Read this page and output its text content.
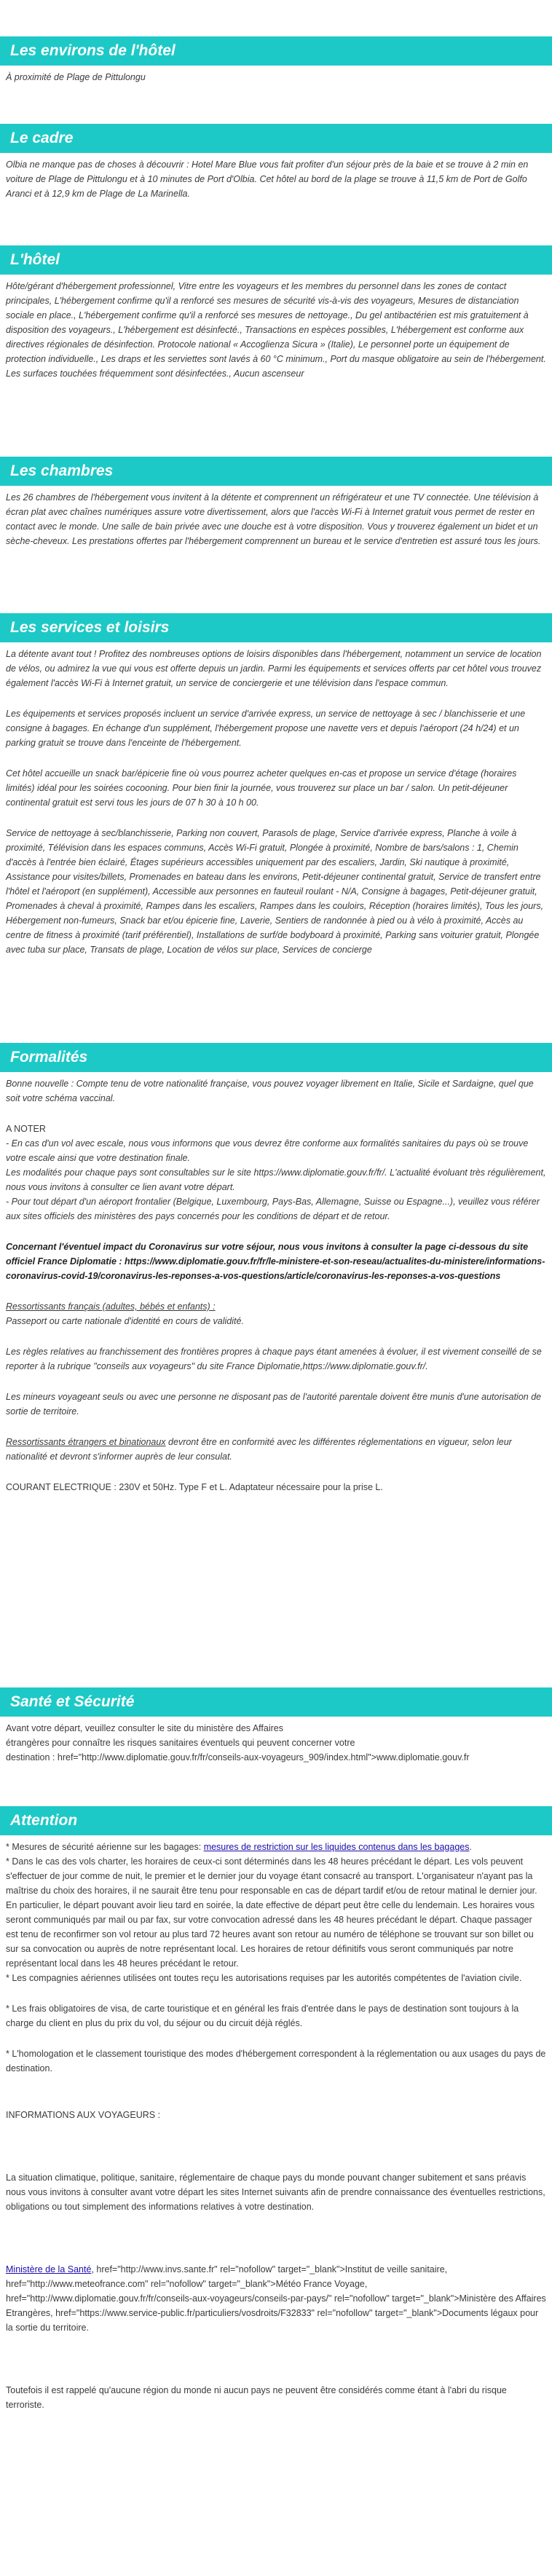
Les environs de l'hôtel

À proximité de Plage de Pittulongu

Le cadre

Olbia ne manque pas de choses à découvrir : Hotel Mare Blue vous fait profiter d'un séjour près de la baie et se trouve à 2 min en voiture de Plage de Pittulongu et à 10 minutes de Port d'Olbia. Cet hôtel au bord de la plage se trouve à 11,5 km de Port de Golfo Aranci et à 12,9 km de Plage de La Marinella.

L'hôtel

Hôte/gérant d'hébergement professionnel, Vitre entre les voyageurs et les membres du personnel dans les zones de contact principales, L'hébergement confirme qu'il a renforcé ses mesures de sécurité vis-à-vis des voyageurs, Mesures de distanciation sociale en place., L'hébergement confirme qu'il a renforcé ses mesures de nettoyage., Du gel antibactérien est mis gratuitement à disposition des voyageurs., L'hébergement est désinfecté., Transactions en espèces possibles, L'hébergement est conforme aux directives régionales de désinfection. Protocole national « Accoglienza Sicura » (Italie), Le personnel porte un équipement de protection individuelle., Les draps et les serviettes sont lavés à 60 °C minimum., Port du masque obligatoire au sein de l'hébergement. Les surfaces touchées fréquemment sont désinfectées., Aucun ascenseur

Les chambres

Les 26 chambres de l'hébergement vous invitent à la détente et comprennent un réfrigérateur et une TV connectée. Une télévision à écran plat avec chaînes numériques assure votre divertissement, alors que l'accès Wi-Fi à Internet gratuit vous permet de rester en contact avec le monde. Une salle de bain privée avec une douche est à votre disposition. Vous y trouverez également un bidet et un sèche-cheveux. Les prestations offertes par l'hébergement comprennent un bureau et le service d'entretien est assuré tous les jours.

Les services et loisirs

La détente avant tout ! Profitez des nombreuses options de loisirs disponibles dans l'hébergement, notamment un service de location de vélos, ou admirez la vue qui vous est offerte depuis un jardin. Parmi les équipements et services offerts par cet hôtel vous trouvez également l'accès Wi-Fi à Internet gratuit, un service de conciergerie et une télévision dans l'espace commun.

Les équipements et services proposés incluent un service d'arrivée express, un service de nettoyage à sec / blanchisserie et une consigne à bagages. En échange d'un supplément, l'hébergement propose une navette vers et depuis l'aéroport (24 h/24) et un parking gratuit se trouve dans l'enceinte de l'hébergement.

Cet hôtel accueille un snack bar/épicerie fine où vous pourrez acheter quelques en-cas et propose un service d'étage (horaires limités) idéal pour les soirées cocooning. Pour bien finir la journée, vous trouverez sur place un bar / salon. Un petit-déjeuner continental gratuit est servi tous les jours de 07 h 30 à 10 h 00.

Service de nettoyage à sec/blanchisserie, Parking non couvert, Parasols de plage, Service d'arrivée express, Planche à voile à proximité, Télévision dans les espaces communs, Accès Wi-Fi gratuit, Plongée à proximité, Nombre de bars/salons : 1, Chemin d'accès à l'entrée bien éclairé, Étages supérieurs accessibles uniquement par des escaliers, Jardin, Ski nautique à proximité, Assistance pour visites/billets, Promenades en bateau dans les environs, Petit-déjeuner continental gratuit, Service de transfert entre l'hôtel et l'aéroport (en supplément), Accessible aux personnes en fauteuil roulant - N/A, Consigne à bagages, Petit-déjeuner gratuit, Promenades à cheval à proximité, Rampes dans les escaliers, Rampes dans les couloirs, Réception (horaires limités), Tous les jours, Hébergement non-fumeurs, Snack bar et/ou épicerie fine, Laverie, Sentiers de randonnée à pied ou à vélo à proximité, Accès au centre de fitness à proximité (tarif préférentiel), Installations de surf/de bodyboard à proximité, Parking sans voiturier gratuit, Plongée avec tuba sur place, Transats de plage, Location de vélos sur place, Services de concierge

Formalités

Bonne nouvelle : Compte tenu de votre nationalité française, vous pouvez voyager librement en Italie, Sicile et Sardaigne, quel que soit votre schéma vaccinal.

A NOTER

- En cas d'un vol avec escale, nous vous informons que vous devrez être conforme aux formalités sanitaires du pays où se trouve votre escale ainsi que votre destination finale.

Les modalités pour chaque pays sont consultables sur le site https://www.diplomatie.gouv.fr/fr/. L'actualité évoluant très régulièrement, nous vous invitons à consulter ce lien avant votre départ.

- Pour tout départ d'un aéroport frontalier (Belgique, Luxembourg, Pays-Bas, Allemagne, Suisse ou Espagne...), veuillez vous référer aux sites officiels des ministères des pays concernés pour les conditions de départ et de retour.

Concernant l'éventuel impact du Coronavirus sur votre séjour, nous vous invitons à consulter la page ci-dessous du site officiel France Diplomatie : https://www.diplomatie.gouv.fr/fr/le-ministere-et-son-reseau/actualites-du-ministere/informations-coronavirus-covid-19/coronavirus-les-reponses-a-vos-questions/article/coronavirus-les-reponses-a-vos-questions

Ressortissants français (adultes, bébés et enfants) :

Passeport ou carte nationale d'identité en cours de validité.

Les règles relatives au franchissement des frontières propres à chaque pays étant amenées à évoluer, il est vivement conseillé de se reporter à la rubrique "conseils aux voyageurs" du site France Diplomatie,https://www.diplomatie.gouv.fr/.

Les mineurs voyageant seuls ou avec une personne ne disposant pas de l'autorité parentale doivent être munis d'une autorisation de sortie de territoire.

Ressortissants étrangers et binationaux devront être en conformité avec les différentes réglementations en vigueur, selon leur nationalité et devront s'informer auprès de leur consulat.

COURANT ELECTRIQUE : 230V et 50Hz. Type F et L. Adaptateur nécessaire pour la prise L.

Santé et Sécurité

Avant votre départ, veuillez consulter le site du ministère des Affaires

étrangères pour connaître les risques sanitaires éventuels qui peuvent concerner votre

destination : href="http://www.diplomatie.gouv.fr/fr/conseils-aux-voyageurs_909/index.html">www.diplomatie.gouv.fr

Attention

* Mesures de sécurité aérienne sur les bagages: mesures de restriction sur les liquides contenus dans les bagages.

* Dans le cas des vols charter, les horaires de ceux-ci sont déterminés dans les 48 heures précédant le départ. Les vols peuvent s'effectuer de jour comme de nuit, le premier et le dernier jour du voyage étant consacré au transport. L'organisateur n'ayant pas la maîtrise du choix des horaires, il ne saurait être tenu pour responsable en cas de départ tardif et/ou de retour matinal le dernier jour. En particulier, le départ pouvant avoir lieu tard en soirée, la date effective de départ peut être celle du lendemain. Les horaires vous seront communiqués par mail ou par fax, sur votre convocation adressé dans les 48 heures précédant le départ. Chaque passager est tenu de reconfirmer son vol retour au plus tard 72 heures avant son retour au numéro de téléphone se trouvant sur son billet ou sur sa convocation ou auprès de notre représentant local. Les horaires de retour définitifs vous seront communiqués par notre représentant local dans les 48 heures précédant le retour.

* Les compagnies aériennes utilisées ont toutes reçu les autorisations requises par les autorités compétentes de l'aviation civile.

* Les frais obligatoires de visa, de carte touristique et en général les frais d'entrée dans le pays de destination sont toujours à la charge du client en plus du prix du vol, du séjour ou du circuit déjà réglés.

* L'homologation et le classement touristique des modes d'hébergement correspondent à la réglementation ou aux usages du pays de destination.

INFORMATIONS AUX VOYAGEURS :

La situation climatique, politique, sanitaire, réglementaire de chaque pays du monde pouvant changer subitement et sans préavis

nous vous invitons à consulter avant votre départ les sites Internet suivants afin de prendre connaissance des éventuelles restrictions, obligations ou tout simplement des informations relatives à votre destination.

Ministère de la Santé, href="http://www.invs.sante.fr" rel="nofollow" target="_blank">Institut de veille sanitaire, href="http://www.meteofrance.com" rel="nofollow" target="_blank">Météo France Voyage, href="http://www.diplomatie.gouv.fr/fr/conseils-aux-voyageurs/conseils-par-pays/" rel="nofollow" target="_blank">Ministère des Affaires Etrangères, href="https://www.service-public.fr/particuliers/vosdroits/F32833" rel="nofollow" target="_blank">Documents légaux pour la sortie du territoire.

Toutefois il est rappelé qu'aucune région du monde ni aucun pays ne peuvent être considérés comme étant à l'abri du risque terroriste.
